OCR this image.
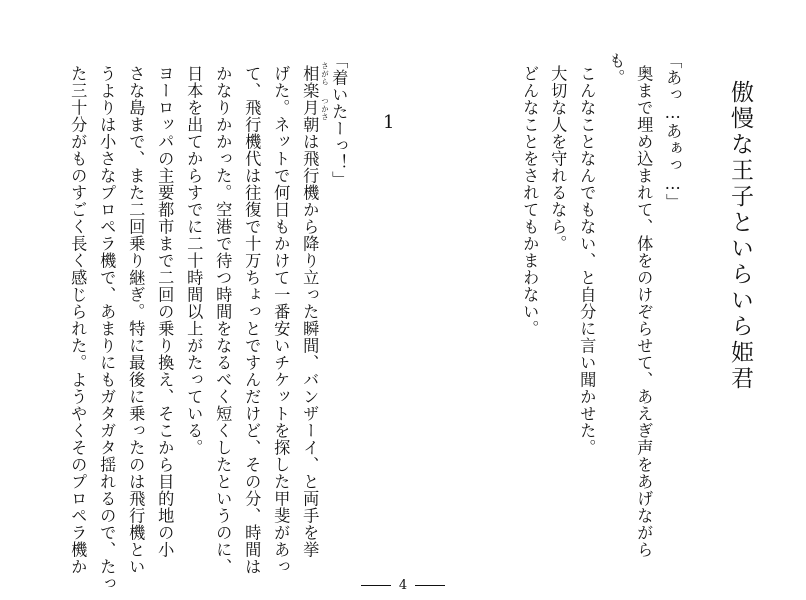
傲慢な王子といらいら姫君
「あっ…あぁっ…」
奥まで埋め込まれて、体をのけぞらせて、あえぎ声をあげながら
も。
こんなことなんでもない、と自分に言い聞かせた。
大切な人を守れるなら。
どんなことをされてもかまわない。
1
さがら
つかさ 「着いたーっ！」
相楽月朝は飛行機から降り立った瞬間、バンザーイ、と両手を挙
げた。ネットで何日もかけて一番安いチケットを探した甲斐があっ
て、飛行機代は往復で十万ちょっとですんだけど、その分、時間は
かなりかかった。空港で待つ時間をなるべく短くしたというのに、
日本を出てからすでに二十時間以上がたっている。
ヨーロッパの主要都市まで二回の乗り換え、そこから目的地の小
さな島まで、また二回乗り継ぎ。特に最後に乗ったのは飛行機とい
うよりは小さなプロペラ機で、あまりにもガタガタ揺れるので、たっ
た三十分がものすごく長く感じられた。ようやくそのプロペラ機か
4
